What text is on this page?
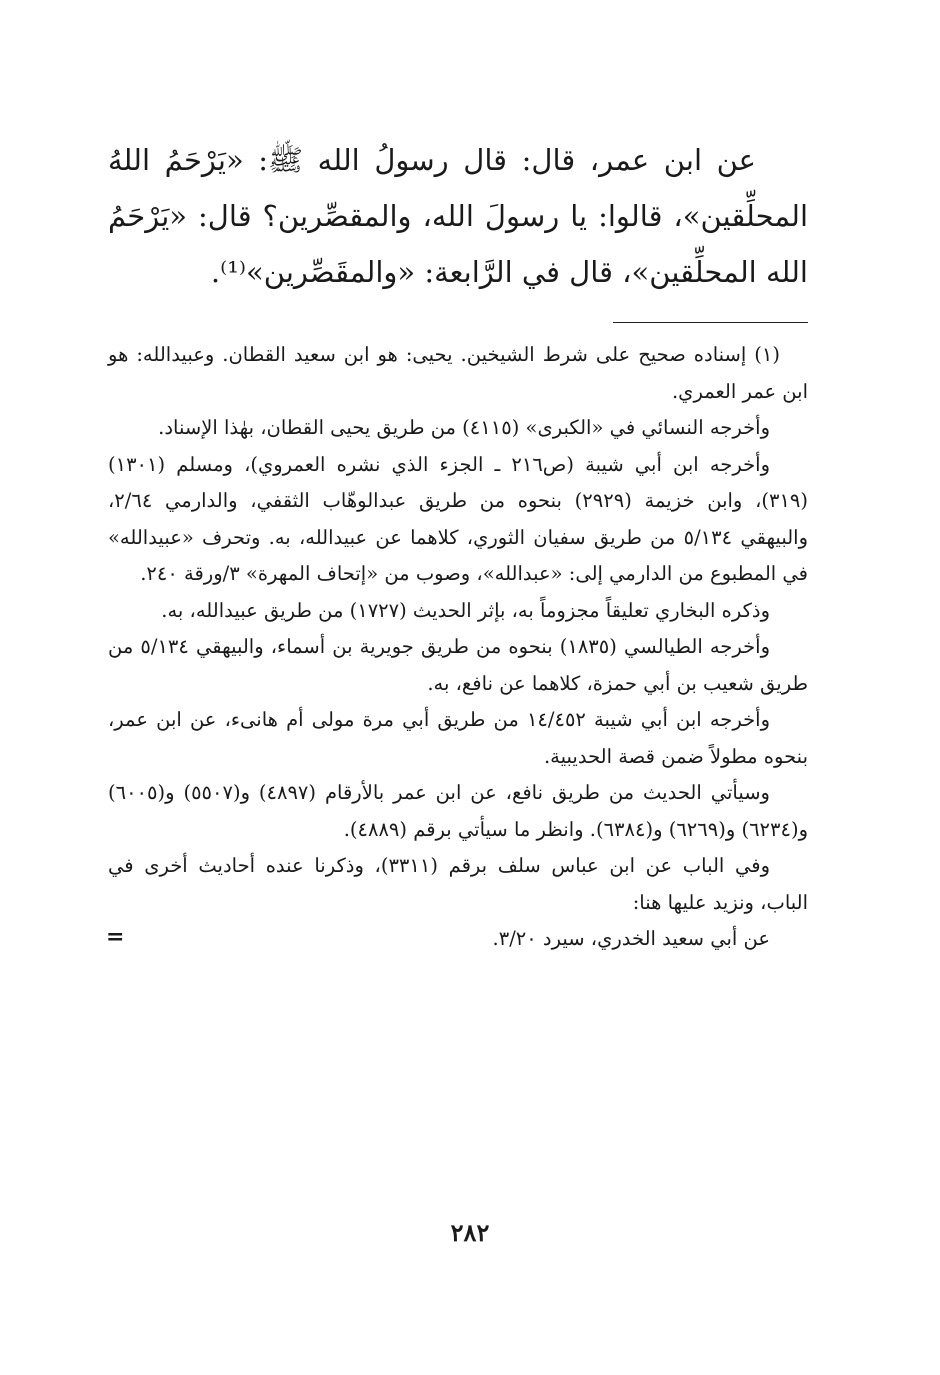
عن ابن عمر، قال: قال رسولُ الله ﷺ: «يَرْحَمُ اللهُ المحلِّقين»، قالوا: يا رسولَ الله، والمقصِّرين؟ قال: «يَرْحَمُ الله المحلِّقين»، قال في الرَّابعة: «والمقَصِّرين»⁽¹⁾.

(١) إسناده صحيح على شرط الشيخين. يحيى: هو ابن سعيد القطان. وعبيدالله: هو ابن عمر العمري.

وأخرجه النسائي في «الكبرى» (٤١١٥) من طريق يحيى القطان، بهٰذا الإسناد.

وأخرجه ابن أبي شيبة (ص٢١٦ ـ الجزء الذي نشره العمروي)، ومسلم (١٣٠١) (٣١٩)، وابن خزيمة (٢٩٢٩) بنحوه من طريق عبدالوهّاب الثقفي، والدارمي ٢/٦٤، والبيهقي ٥/١٣٤ من طريق سفيان الثوري، كلاهما عن عبيدالله، به. وتحرف «عبيدالله» في المطبوع من الدارمي إلى: «عبدالله»، وصوب من «إتحاف المهرة» ٣/ورقة ٢٤٠.

وذكره البخاري تعليقاً مجزوماً به، بإثر الحديث (١٧٢٧) من طريق عبيدالله، به.

وأخرجه الطيالسي (١٨٣٥) بنحوه من طريق جويرية بن أسماء، والبيهقي ٥/١٣٤ من طريق شعيب بن أبي حمزة، كلاهما عن نافع، به.

وأخرجه ابن أبي شيبة ١٤/٤٥٢ من طريق أبي مرة مولى أم هانىء، عن ابن عمر، بنحوه مطولاً ضمن قصة الحديبية.

وسيأتي الحديث من طريق نافع، عن ابن عمر بالأرقام (٤٨٩٧) و(٥٥٠٧) و(٦٠٠٥) و(٦٢٣٤) و(٦٢٦٩) و(٦٣٨٤). وانظر ما سيأتي برقم (٤٨٨٩).

وفي الباب عن ابن عباس سلف برقم (٣٣١١)، وذكرنا عنده أحاديث أخرى في الباب، ونزيد عليها هنا:

عن أبي سعيد الخدري، سيرد ٣/٢٠.

=
٢٨٢
